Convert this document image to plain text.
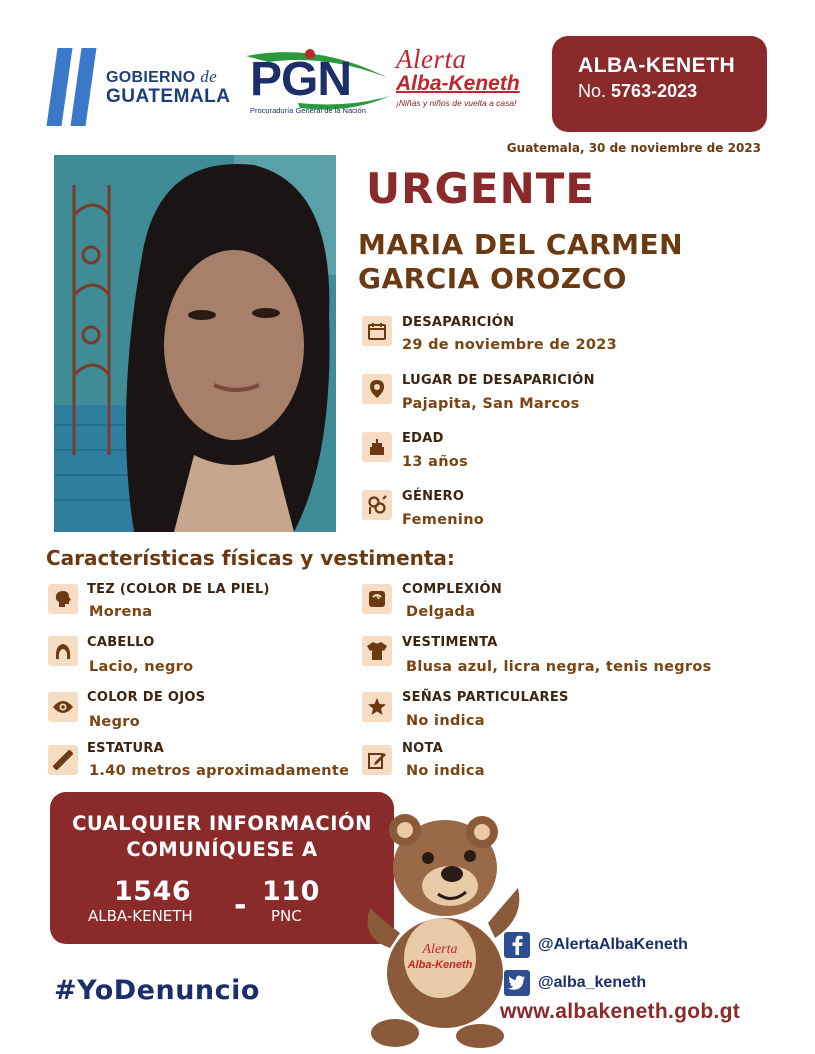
GOBIERNO de
GUATEMALA PGN
Procuraduría General de la Nación
Alerta
Alba-Keneth
¡Niñas y niños de vuelta a casa!
ALBA-KENETH
No. 5763-2023
Guatemala, 30 de noviembre de 2023
URGENTE
MARIA DEL CARMEN
GARCIA OROZCO
DESAPARICIÓN
29 de noviembre de 2023
LUGAR DE DESAPARICIÓN
Pajapita, San Marcos
EDAD
13 años
GÉNERO
Femenino
Características físicas y vestimenta:
TEZ (COLOR DE LA PIEL)
Morena
CABELLO
Lacio, negro
COLOR DE OJOS
Negro
ESTATURA
1.40 metros aproximadamente
COMPLEXIÓN
Delgada
VESTIMENTA
Blusa azul, licra negra, tenis negros
SEÑAS PARTICULARES
No indica
NOTA
No indica
CUALQUIER INFORMACIÓN
COMUNÍQUESE A
1546
ALBA-KENETH - 110
PNC
Alerta
Alba-Keneth
#YoDenuncio
@AlertaAlbaKeneth
@alba_keneth
www.albakeneth.gob.gt
